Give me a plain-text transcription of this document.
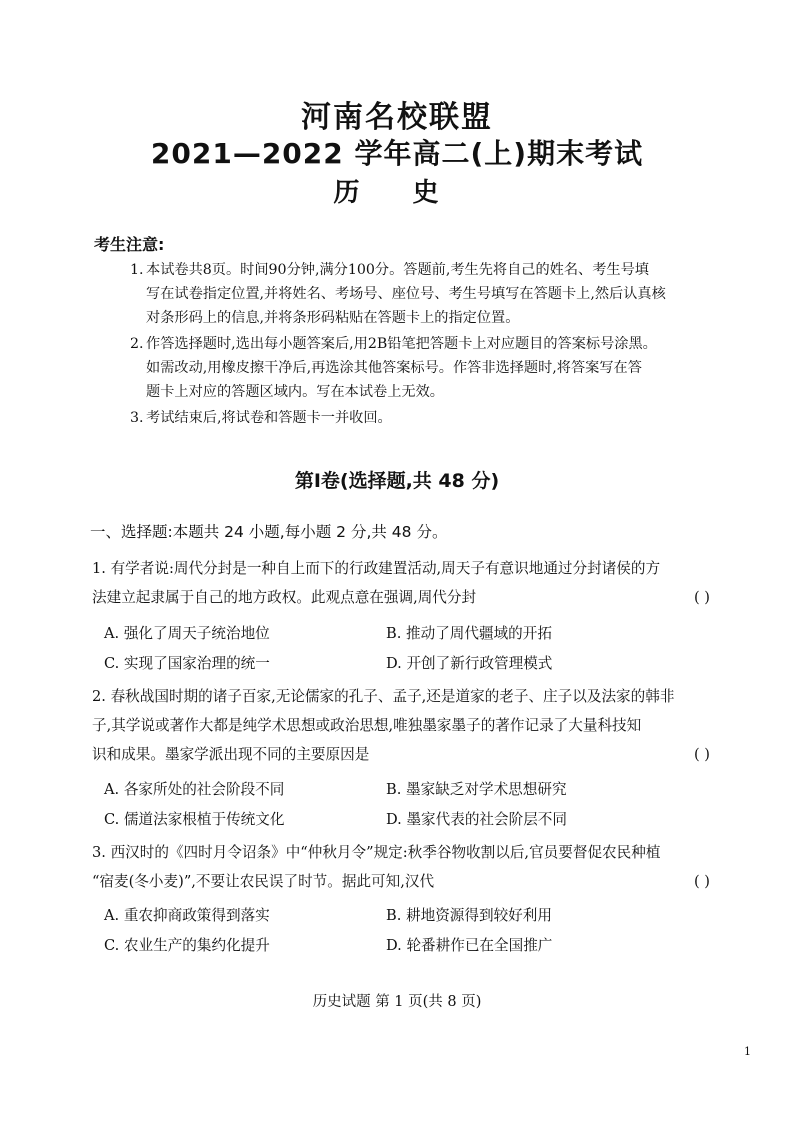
河南名校联盟
2021—2022 学年高二(上)期末考试
历 史
考生注意:
1. 本试卷共8页。时间90分钟,满分100分。答题前,考生先将自己的姓名、考生号填
写在试卷指定位置,并将姓名、考场号、座位号、考生号填写在答题卡上,然后认真核
对条形码上的信息,并将条形码粘贴在答题卡上的指定位置。
2. 作答选择题时,选出每小题答案后,用2B铅笔把答题卡上对应题目的答案标号涂黑。
如需改动,用橡皮擦干净后,再选涂其他答案标号。作答非选择题时,将答案写在答
题卡上对应的答题区域内。写在本试卷上无效。
3. 考试结束后,将试卷和答题卡一并收回。
第Ⅰ卷(选择题,共 48 分)
一、选择题:本题共 24 小题,每小题 2 分,共 48 分。
1. 有学者说:周代分封是一种自上而下的行政建置活动,周天子有意识地通过分封诸侯的方
法建立起隶属于自己的地方政权。此观点意在强调,周代分封	( )
A. 强化了周天子统治地位	B. 推动了周代疆域的开拓
C. 实现了国家治理的统一	D. 开创了新行政管理模式
2. 春秋战国时期的诸子百家,无论儒家的孔子、孟子,还是道家的老子、庄子以及法家的韩非
子,其学说或著作大都是纯学术思想或政治思想,唯独墨家墨子的著作记录了大量科技知
识和成果。墨家学派出现不同的主要原因是	( )
A. 各家所处的社会阶段不同	B. 墨家缺乏对学术思想研究
C. 儒道法家根植于传统文化	D. 墨家代表的社会阶层不同
3. 西汉时的《四时月令诏条》中“仲秋月令”规定:秋季谷物收割以后,官员要督促农民种植
“宿麦(冬小麦)”,不要让农民误了时节。据此可知,汉代	( )
A. 重农抑商政策得到落实	B. 耕地资源得到较好利用
C. 农业生产的集约化提升	D. 轮番耕作已在全国推广
历史试题 第 1 页(共 8 页)
1
